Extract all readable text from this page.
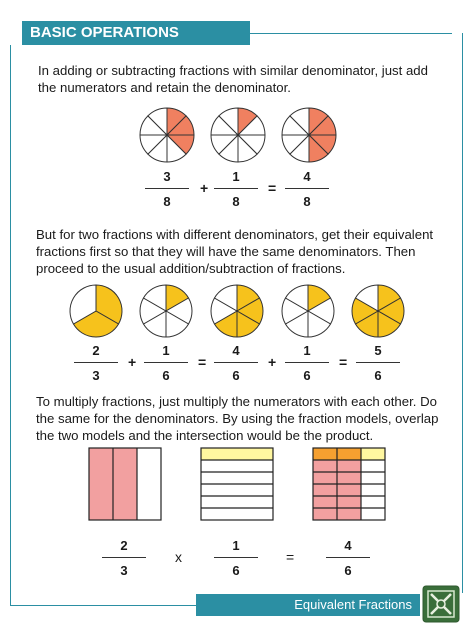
BASIC OPERATIONS
In adding or subtracting fractions with similar denominator, just add the numerators and retain the denominator.
3
8
+
1
8
=
4
8
But for two fractions with different denominators, get their equivalent fractions first so that they will have the same denominators. Then proceed to the usual addition/subtraction of fractions.
2
3
+
1
6
=
4
6
+
1
6
=
5
6
To multiply fractions, just multiply the numerators with each other. Do the same for the denominators. By using the fraction models, overlap the two models and the intersection would be the product.
2
3
x
1
6
=
4
6
Equivalent Fractions
